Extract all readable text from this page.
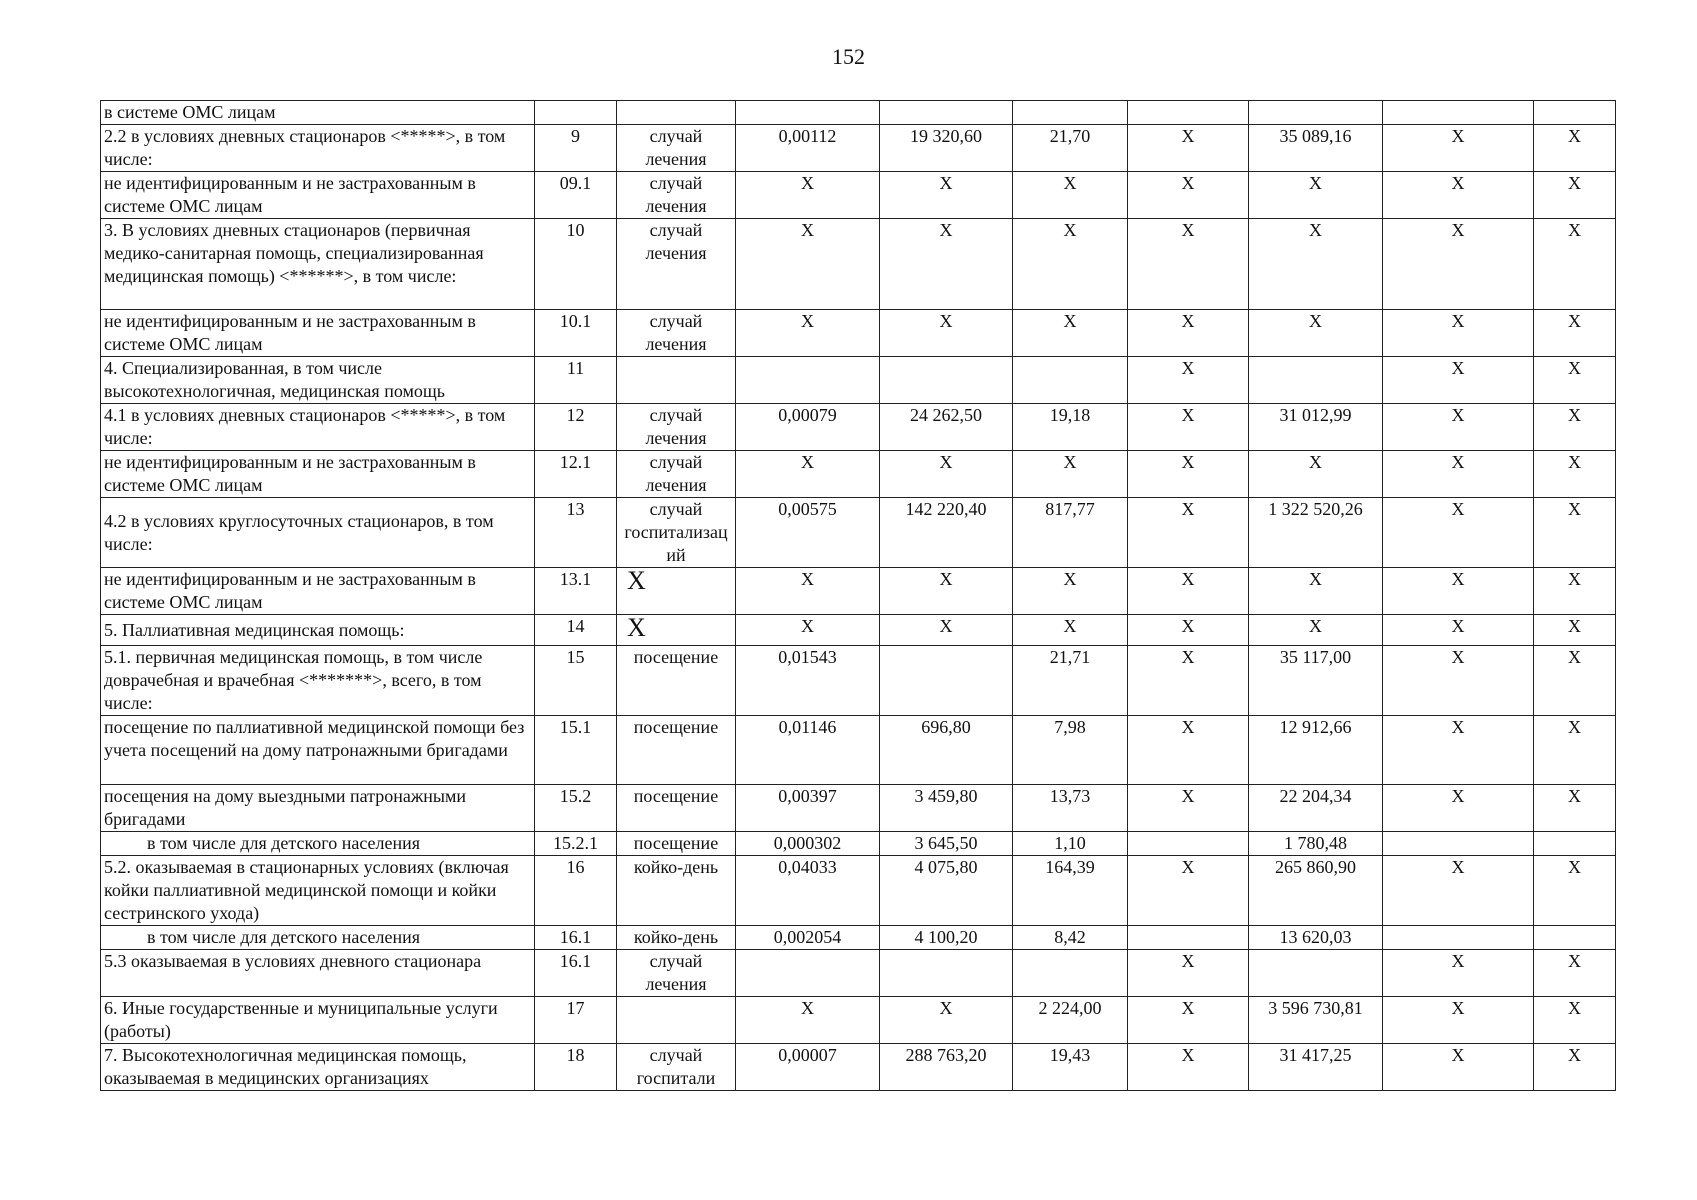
152
в системе ОМС лицам									
2.2 в условиях дневных стационаров <*****>, в том числе:	9	случай лечения	0,00112	19 320,60	21,70	X	35 089,16	X	X
не идентифицированным и не застрахованным в системе ОМС лицам	09.1	случай лечения	X	X	X	X	X	X	X
3. В условиях дневных стационаров (первичная медико-санитарная помощь, специализированная медицинская помощь) <******>, в том числе:	10	случай лечения	X	X	X	X	X	X	X
не идентифицированным и не застрахованным в системе ОМС лицам	10.1	случай лечения	X	X	X	X	X	X	X
4. Специализированная, в том числе высокотехнологичная, медицинская помощь	11					X		X	X
4.1 в условиях дневных стационаров <*****>, в том числе:	12	случай лечения	0,00079	24 262,50	19,18	X	31 012,99	X	X
не идентифицированным и не застрахованным в системе ОМС лицам	12.1	случай лечения	X	X	X	X	X	X	X
4.2 в условиях круглосуточных стационаров, в том числе:	13	случай госпитализаций	0,00575	142 220,40	817,77	X	1 322 520,26	X	X
не идентифицированным и не застрахованным в системе ОМС лицам	13.1	X	X	X	X	X	X	X	X
5. Паллиативная медицинская помощь:	14	X	X	X	X	X	X	X	X
5.1. первичная медицинская помощь, в том числе доврачебная и врачебная <*******>, всего, в том числе:	15	посещение	0,01543		21,71	X	35 117,00	X	X
посещение по паллиативной медицинской помощи без учета посещений на дому патронажными бригадами	15.1	посещение	0,01146	696,80	7,98	X	12 912,66	X	X
посещения на дому выездными патронажными бригадами	15.2	посещение	0,00397	3 459,80	13,73	X	22 204,34	X	X
в том числе для детского населения	15.2.1	посещение	0,000302	3 645,50	1,10		1 780,48		
5.2. оказываемая в стационарных условиях (включая койки паллиативной медицинской помощи и койки сестринского ухода)	16	койко-день	0,04033	4 075,80	164,39	X	265 860,90	X	X
в том числе для детского населения	16.1	койко-день	0,002054	4 100,20	8,42		13 620,03		
5.3 оказываемая в условиях дневного стационара	16.1	случай лечения				X		X	X
6. Иные государственные и муниципальные услуги (работы)	17		X	X	2 224,00	X	3 596 730,81	X	X
7. Высокотехнологичная медицинская помощь, оказываемая в медицинских организациях	18	случай госпитали	0,00007	288 763,20	19,43	X	31 417,25	X	X
